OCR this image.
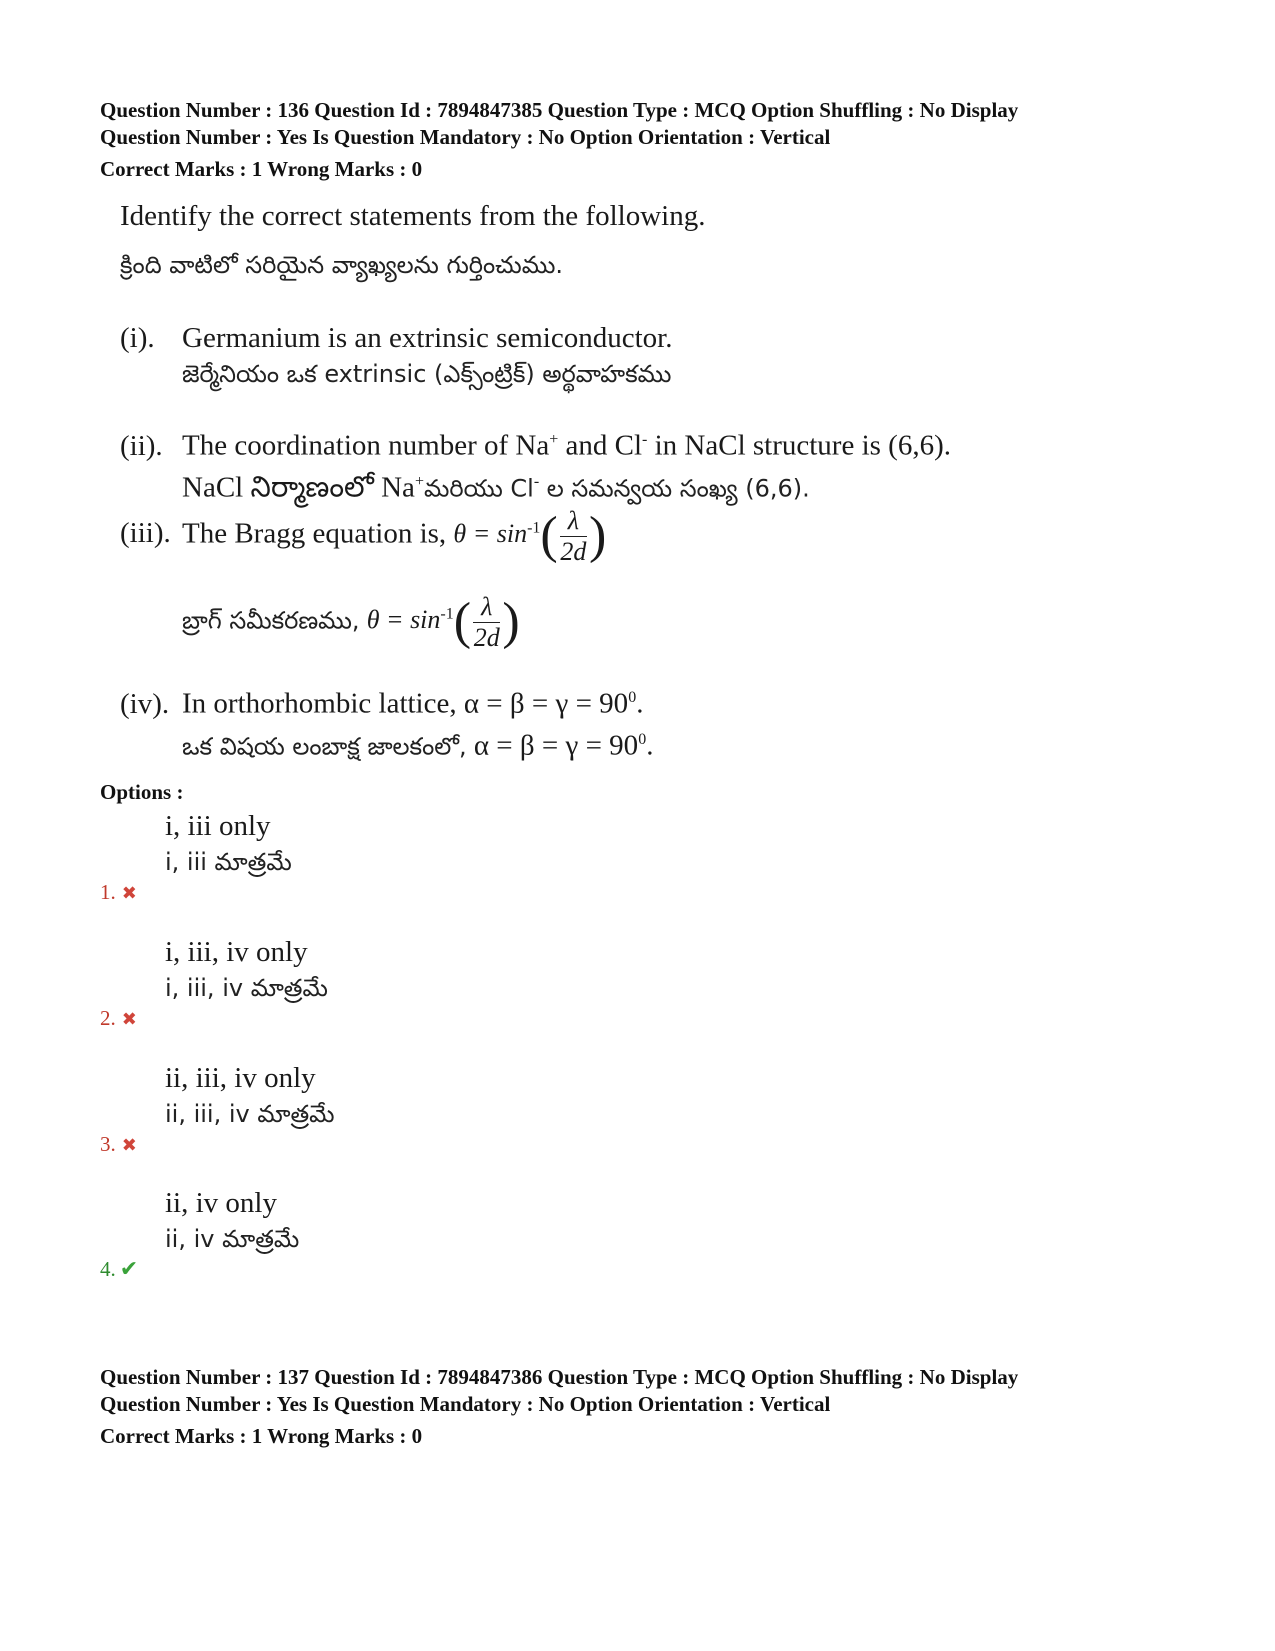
Question Number : 136 Question Id : 7894847385 Question Type : MCQ Option Shuffling : No Display
Question Number : Yes Is Question Mandatory : No Option Orientation : Vertical
Correct Marks : 1 Wrong Marks : 0
Identify the correct statements from the following.
క్రింది వాటిలో సరియైన వ్యాఖ్యలను గుర్తించుము.
(i). Germanium is an extrinsic semiconductor.
జెర్మేనియం ఒక extrinsic (ఎక్స్ంట్రిక్) అర్థవాహకము
(ii). The coordination number of Na+ and Cl- in NaCl structure is (6,6).
NaCl నిర్మాణంలో Na+మరియు Cl- ల సమన్వయ సంఖ్య (6,6).
(iii). The Bragg equation is, $\theta = \sin^{-1}( \frac{\lambda}{2d}$ )
బ్రాగ్ సమీకరణము, $\theta = \sin^{-1}( \frac{\lambda}{2d}$ )
(iv). In orthorhombic lattice, $\alpha = \beta = \gamma = 90^0$.
ఒక విషయ లంబాక్ష జాలకంలో, $\alpha = \beta = \gamma = 90^0$.
Options :
i, iii only
i, iii మాత్రమే
1. ✖
i, iii, iv only
i, iii, iv మాత్రమే
2. ✖
ii, iii, iv only
ii, iii, iv మాత్రమే
3. ✖
ii, iv only
ii, iv మాత్రమే
4. ✔
Question Number : 137 Question Id : 7894847386 Question Type : MCQ Option Shuffling : No Display
Question Number : Yes Is Question Mandatory : No Option Orientation : Vertical
Correct Marks : 1 Wrong Marks : 0
